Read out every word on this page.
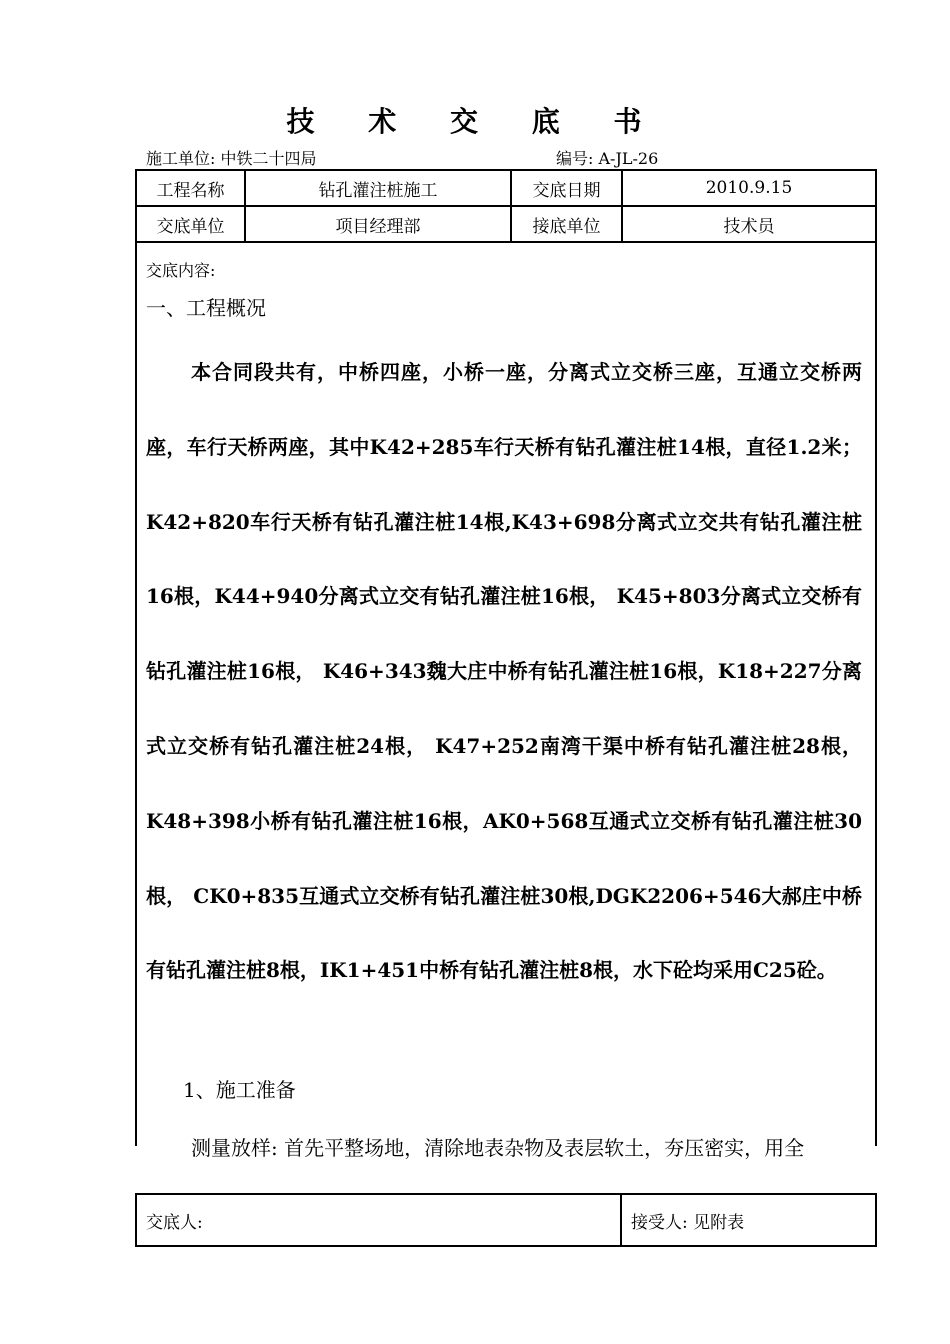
技 术 交 底 书
施工单位: 中铁二十四局	编号: A-JL-26
工程名称	钻孔灌注桩施工	交底日期	2010.9.15
交底单位	项目经理部	接底单位	技术员
交底内容:
一、工程概况

本合同段共有，中桥四座，小桥一座，分离式立交桥三座，互通立交桥两座，车行天桥两座，其中K42+285车行天桥有钻孔灌注桩14根，直径1.2米； K42+820车行天桥有钻孔灌注桩14根,K43+698分离式立交共有钻孔灌注桩16根，K44+940分离式立交有钻孔灌注桩16根， K45+803分离式立交桥有钻孔灌注桩16根， K46+343魏大庄中桥有钻孔灌注桩16根，K18+227分离式立交桥有钻孔灌注桩24根， K47+252南湾干渠中桥有钻孔灌注桩28根，K48+398小桥有钻孔灌注桩16根，AK0+568互通式立交桥有钻孔灌注桩30根， CK0+835互通式立交桥有钻孔灌注桩30根,DGK2206+546大郝庄中桥有钻孔灌注桩8根，IK1+451中桥有钻孔灌注桩8根，水下砼均采用C25砼。

1、施工准备
测量放样: 首先平整场地，清除地表杂物及表层软土，夯压密实，用全
交底人:	接受人: 见附表
